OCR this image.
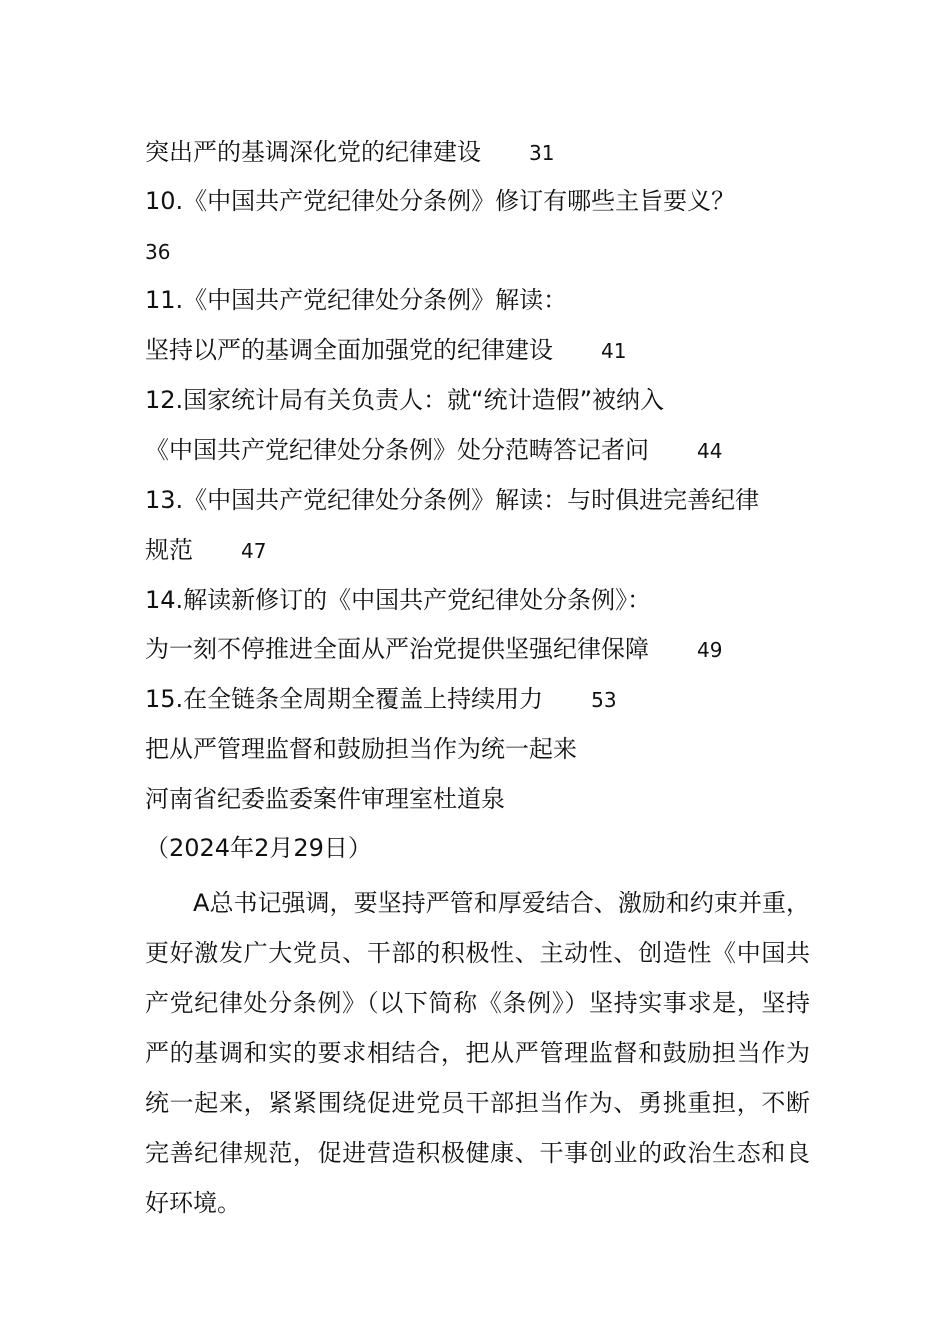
突出严的基调深化党的纪律建设 31
10.《中国共产党纪律处分条例》修订有哪些主旨要义？
36
11.《中国共产党纪律处分条例》解读：
坚持以严的基调全面加强党的纪律建设 41
12.国家统计局有关负责人：就“统计造假”被纳入
《中国共产党纪律处分条例》处分范畴答记者问 44
13.《中国共产党纪律处分条例》解读：与时俱进完善纪律
规范 47
14.解读新修订的《中国共产党纪律处分条例》：
为一刻不停推进全面从严治党提供坚强纪律保障 49
15.在全链条全周期全覆盖上持续用力 53
把从严管理监督和鼓励担当作为统一起来
河南省纪委监委案件审理室杜道泉
（2024年2月29日）

A总书记强调，要坚持严管和厚爱结合、激励和约束并重，更好激发广大党员、干部的积极性、主动性、创造性《中国共产党纪律处分条例》（以下简称《条例》）坚持实事求是，坚持严的基调和实的要求相结合，把从严管理监督和鼓励担当作为统一起来，紧紧围绕促进党员干部担当作为、勇挑重担，不断完善纪律规范，促进营造积极健康、干事创业的政治生态和良好环境。
